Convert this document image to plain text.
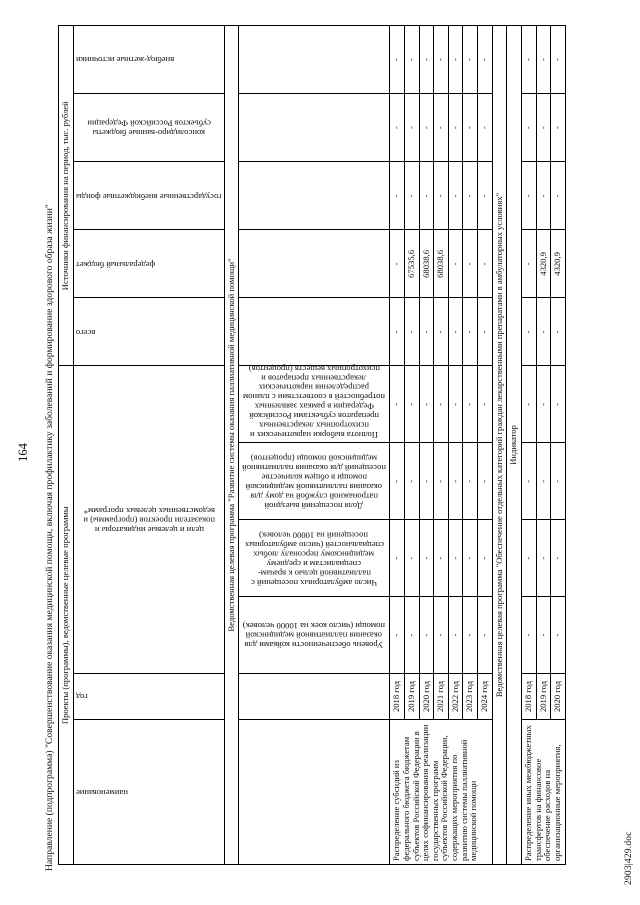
164 Направление (подпрограмма) "Совершенствование оказания медицинской помощи, включая профилактику заболеваний и формирование здорового образа жизни" Проекты (программы), ведомственные целевые программы						Источники финансирования на период, тыс. рублей				

наименование	год	цели и целевые индикаторы и показатели проектов (программы) и ведомственных целевых программ*				всего	федеральный бюджет	государственные внебюджетные фонды	консолидиро-ванные бюджеты субъектов Российской Федерации	внебюд-жетные источники

Ведомственная целевая программа "Развитие системы оказания паллиативной медицинской помощи"										

		Уровень обеспеченности койками для оказания паллиативной медицинской помощи (число коек на 10000 человек)	Число амбулаторных посещений с паллиативной целью к врачам-специалистам и среднему медицинскому персоналу любых специальностей (число амбулаторных посещений на 10000 человек)	Доля посещений выездной патронажной службой на дому для оказания паллиативной медицинской помощи в общем количестве посещений для оказания паллиативной медицинской помощи (процентов)	Полнота выборки наркотических и психотропных лекарственных препаратов субъектами Российской Федерации в рамках заявленных потребностей в соответствии с планом распределения наркотических лекарственных препаратов и психотропных веществ (процентов)					

Распределение субсидий из федерального бюджета бюджетам субъектов Российской Федерации в целях софинансирования реализации государственных программ субъектов Российской Федерации, содержащих мероприятия по развитию системы паллиативной медицинской помощи	2018 год	-	-	-	-	-	-	-	-	-
	2019 год	-	-	-	-	-	67535,6	-	-	-
	2020 год	-	-	-	-	-	68038,6	-	-	-
	2021 год	-	-	-	-	-	68038,6	-	-	-
	2022 год	-	-	-	-	-	-	-	-	-
	2023 год	-	-	-	-	-	-	-	-	-
	2024 год	-	-	-	-	-	-	-	-	-
Ведомственная целевая программа "Обеспечение отдельных категорий граждан лекарственными препаратами в амбулаторных условиях"										
Индикатор										
Распределение иных межбюджетных трансфертов на финансовое обеспечение расходов на организационные мероприятия,	2018 год	-	-	-	-	-	-	-	-	-
	2019 год	-	-	-	-	-	4320,9	-	-	-
	2020 год	-	-	-	-	-	4320,9	-	-	-
2903|429.doc
